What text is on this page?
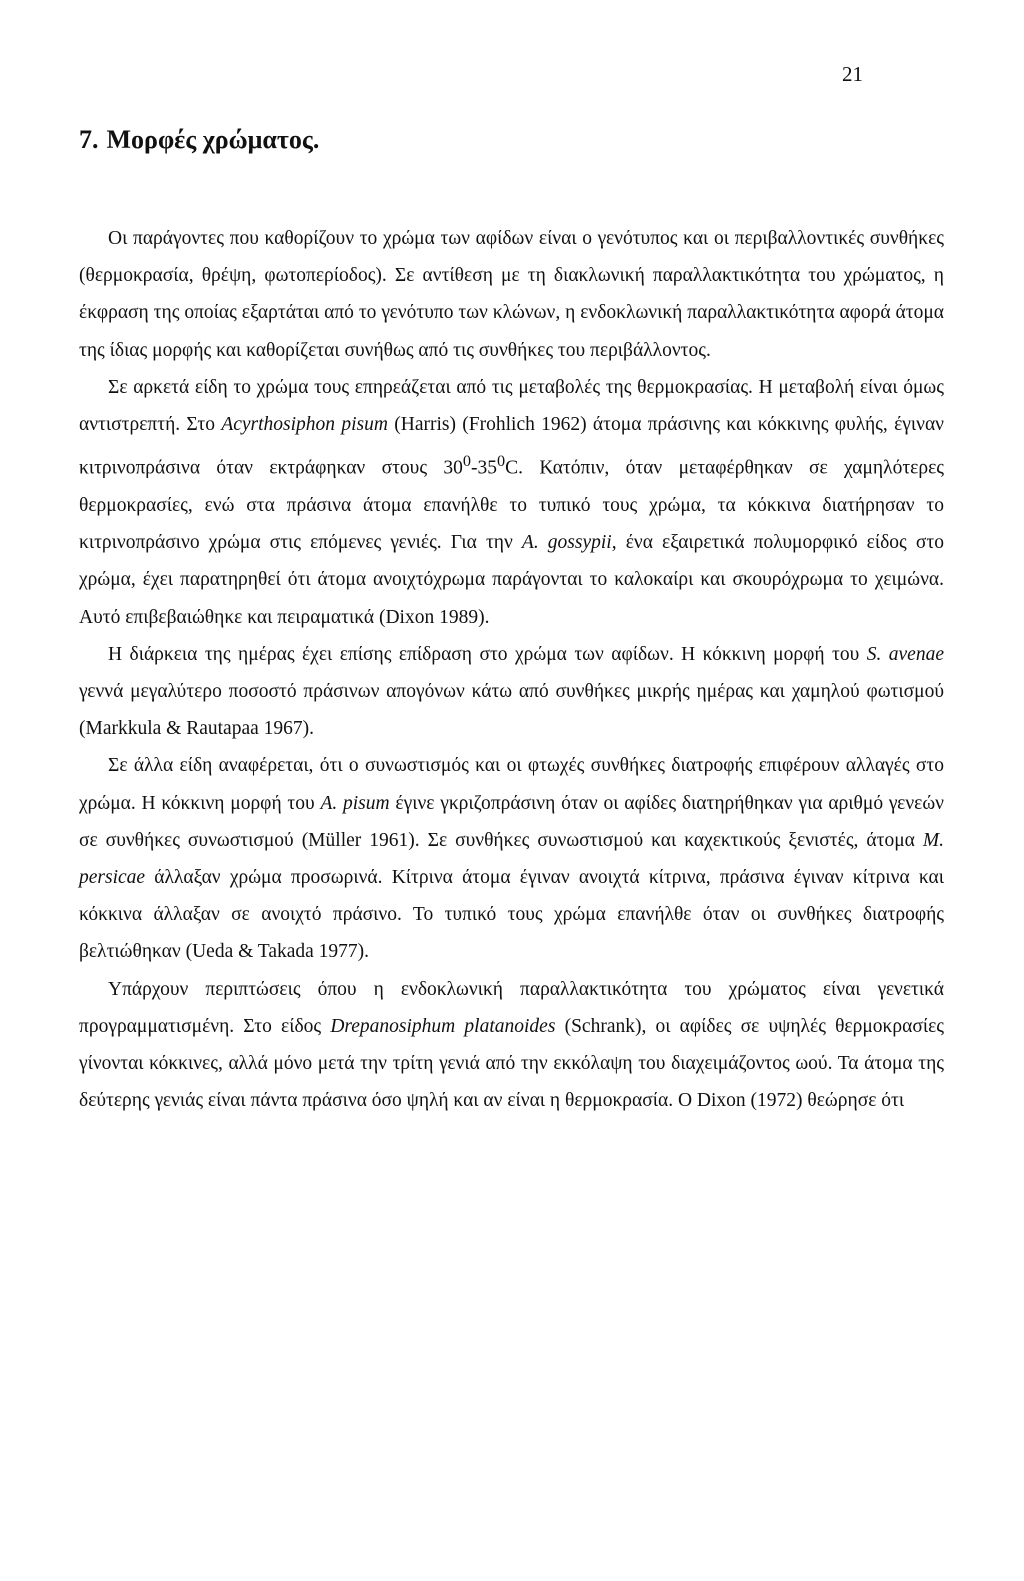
21
7. Μορφές χρώματος.

Οι παράγοντες που καθορίζουν το χρώμα των αφίδων είναι ο γενότυπος και οι περιβαλλοντικές συνθήκες (θερμοκρασία, θρέψη, φωτοπερίοδος). Σε αντίθεση με τη διακλωνική παραλλακτικότητα του χρώματος, η έκφραση της οποίας εξαρτάται από το γενότυπο των κλώνων, η ενδοκλωνική παραλλακτικότητα αφορά άτομα της ίδιας μορφής και καθορίζεται συνήθως από τις συνθήκες του περιβάλλοντος.

Σε αρκετά είδη το χρώμα τους επηρεάζεται από τις μεταβολές της θερμοκρασίας. Η μεταβολή είναι όμως αντιστρεπτή. Στο Acyrthosiphon pisum (Harris) (Frohlich 1962) άτομα πράσινης και κόκκινης φυλής, έγιναν κιτρινοπράσινα όταν εκτράφηκαν στους $30^0-35^0C$. Κατόπιν, όταν μεταφέρθηκαν σε χαμηλότερες θερμοκρασίες, ενώ στα πράσινα άτομα επανήλθε το τυπικό τους χρώμα, τα κόκκινα διατήρησαν το κιτρινοπράσινο χρώμα στις επόμενες γενιές. Για την A. gossypii, ένα εξαιρετικά πολυμορφικό είδος στο χρώμα, έχει παρατηρηθεί ότι άτομα ανοιχτόχρωμα παράγονται το καλοκαίρι και σκουρόχρωμα το χειμώνα. Αυτό επιβεβαιώθηκε και πειραματικά (Dixon 1989).

Η διάρκεια της ημέρας έχει επίσης επίδραση στο χρώμα των αφίδων. Η κόκκινη μορφή του S. avenae γεννά μεγαλύτερο ποσοστό πράσινων απογόνων κάτω από συνθήκες μικρής ημέρας και χαμηλού φωτισμού (Markkula & Rautapaa 1967).

Σε άλλα είδη αναφέρεται, ότι ο συνωστισμός και οι φτωχές συνθήκες διατροφής επιφέρουν αλλαγές στο χρώμα. Η κόκκινη μορφή του A. pisum έγινε γκριζοπράσινη όταν οι αφίδες διατηρήθηκαν για αριθμό γενεών σε συνθήκες συνωστισμού (Müller 1961). Σε συνθήκες συνωστισμού και καχεκτικούς ξενιστές, άτομα M. persicae άλλαξαν χρώμα προσωρινά. Κίτρινα άτομα έγιναν ανοιχτά κίτρινα, πράσινα έγιναν κίτρινα και κόκκινα άλλαξαν σε ανοιχτό πράσινο. Το τυπικό τους χρώμα επανήλθε όταν οι συνθήκες διατροφής βελτιώθηκαν (Ueda & Takada 1977).

Υπάρχουν περιπτώσεις όπου η ενδοκλωνική παραλλακτικότητα του χρώματος είναι γενετικά προγραμματισμένη. Στο είδος Drepanosiphum platanoides (Schrank), οι αφίδες σε υψηλές θερμοκρασίες γίνονται κόκκινες, αλλά μόνο μετά την τρίτη γενιά από την εκκόλαψη του διαχειμάζοντος ωού. Τα άτομα της δεύτερης γενιάς είναι πάντα πράσινα όσο ψηλή και αν είναι η θερμοκρασία. Ο Dixon (1972) θεώρησε ότι
